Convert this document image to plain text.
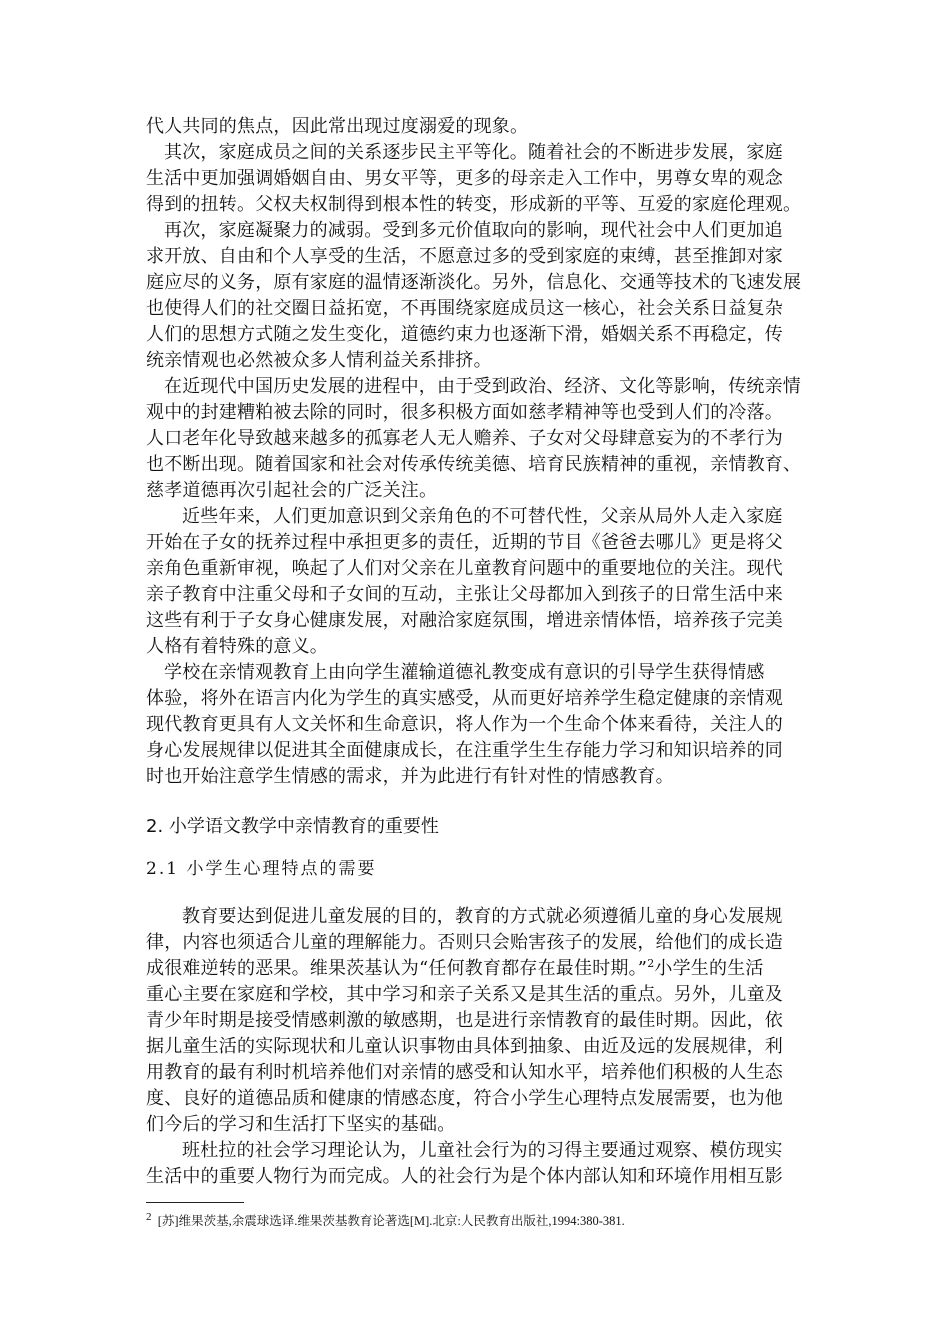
代人共同的焦点，因此常出现过度溺爱的现象。
其次，家庭成员之间的关系逐步民主平等化。随着社会的不断进步发展，家庭
生活中更加强调婚姻自由、男女平等，更多的母亲走入工作中，男尊女卑的观念
得到的扭转。父权夫权制得到根本性的转变，形成新的平等、互爱的家庭伦理观。
再次，家庭凝聚力的减弱。受到多元价值取向的影响，现代社会中人们更加追
求开放、自由和个人享受的生活，不愿意过多的受到家庭的束缚，甚至推卸对家
庭应尽的义务，原有家庭的温情逐渐淡化。另外，信息化、交通等技术的飞速发展
也使得人们的社交圈日益拓宽，不再围绕家庭成员这一核心，社会关系日益复杂
人们的思想方式随之发生变化，道德约束力也逐渐下滑，婚姻关系不再稳定，传
统亲情观也必然被众多人情利益关系排挤。
在近现代中国历史发展的进程中，由于受到政治、经济、文化等影响，传统亲情
观中的封建糟粕被去除的同时，很多积极方面如慈孝精神等也受到人们的冷落。
人口老年化导致越来越多的孤寡老人无人赡养、子女对父母肆意妄为的不孝行为
也不断出现。随着国家和社会对传承传统美德、培育民族精神的重视，亲情教育、
慈孝道德再次引起社会的广泛关注。
近些年来，人们更加意识到父亲角色的不可替代性，父亲从局外人走入家庭
开始在子女的抚养过程中承担更多的责任，近期的节目《爸爸去哪儿》更是将父
亲角色重新审视，唤起了人们对父亲在儿童教育问题中的重要地位的关注。现代
亲子教育中注重父母和子女间的互动，主张让父母都加入到孩子的日常生活中来
这些有利于子女身心健康发展，对融洽家庭氛围，增进亲情体悟，培养孩子完美
人格有着特殊的意义。
学校在亲情观教育上由向学生灌输道德礼教变成有意识的引导学生获得情感
体验，将外在语言内化为学生的真实感受，从而更好培养学生稳定健康的亲情观
现代教育更具有人文关怀和生命意识，将人作为一个生命个体来看待，关注人的
身心发展规律以促进其全面健康成长，在注重学生生存能力学习和知识培养的同
时也开始注意学生情感的需求，并为此进行有针对性的情感教育。
2. 小学语文教学中亲情教育的重要性
2.1 小学生心理特点的需要
教育要达到促进儿童发展的目的，教育的方式就必须遵循儿童的身心发展规
律，内容也须适合儿童的理解能力。否则只会贻害孩子的发展，给他们的成长造
成很难逆转的恶果。维果茨基认为“任何教育都存在最佳时期。”$^2$小学生的生活
重心主要在家庭和学校，其中学习和亲子关系又是其生活的重点。另外，儿童及
青少年时期是接受情感刺激的敏感期，也是进行亲情教育的最佳时期。因此，依
据儿童生活的实际现状和儿童认识事物由具体到抽象、由近及远的发展规律，利
用教育的最有利时机培养他们对亲情的感受和认知水平，培养他们积极的人生态
度、良好的道德品质和健康的情感态度，符合小学生心理特点发展需要，也为他
们今后的学习和生活打下坚实的基础。
班杜拉的社会学习理论认为，儿童社会行为的习得主要通过观察、模仿现实
生活中的重要人物行为而完成。人的社会行为是个体内部认知和环境作用相互影
2 [苏]维果茨基,余震球选译.维果茨基教育论著选[M].北京:人民教育出版社,1994:380-381.
